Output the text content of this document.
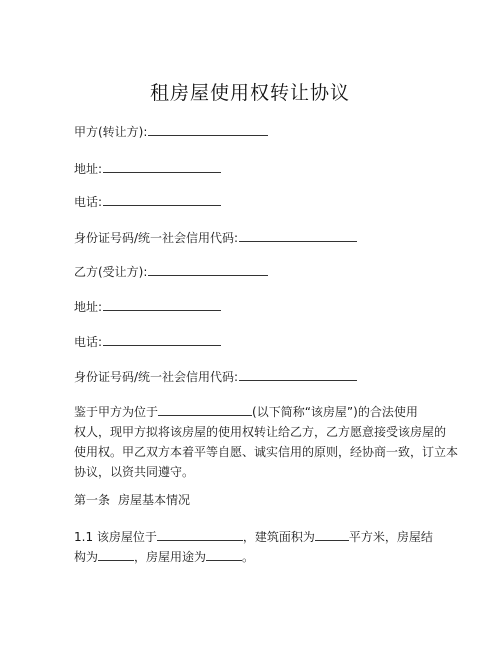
租房屋使用权转让协议
甲方(转让方):
地址:
电话:
身份证号码/统一社会信用代码:
乙方(受让方):
地址:
电话:
身份证号码/统一社会信用代码:

鉴于甲方为位于	(以下简称“该房屋”)的合法使用

权人，现甲方拟将该房屋的使用权转让给乙方，乙方愿意接受该房屋的

使用权。甲乙双方本着平等自愿、诚实信用的原则，经协商一致，订立本

协议，以资共同遵守。

第一条 房屋基本情况

1.1 该房屋位于	，建筑面积为	平方米，房屋结

构为	，房屋用途为	。
